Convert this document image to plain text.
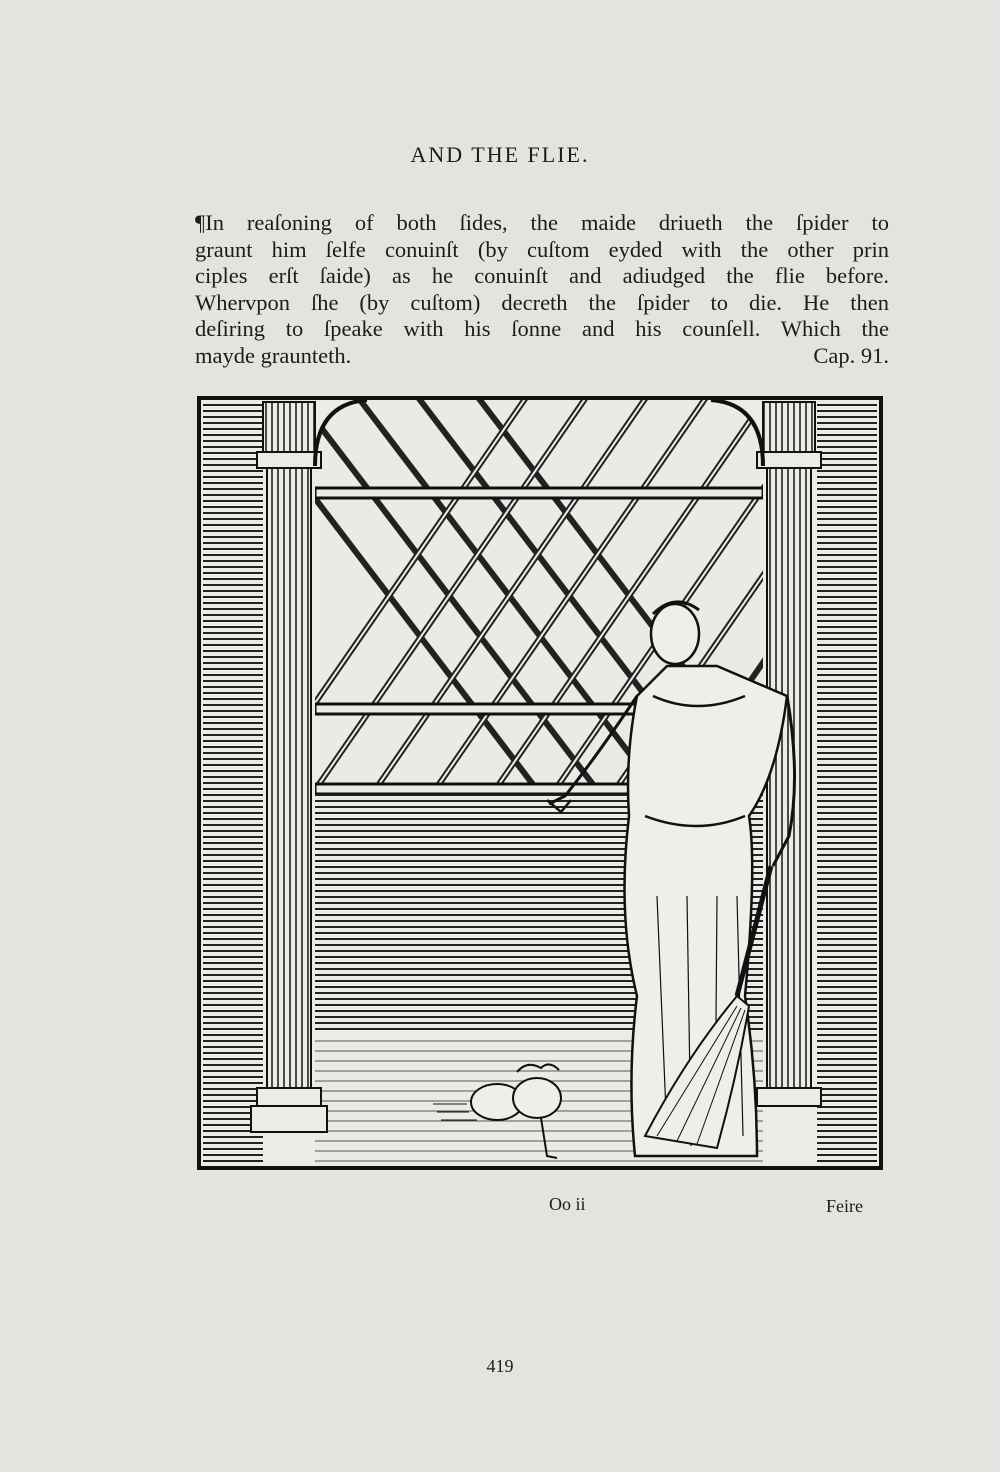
AND THE FLIE.
¶In reaſoning of both ſides, the maide driueth the ſpider to
graunt him ſelfe conuinſt (by cuſtom eyded with the other prin
ciples erſt ſaide) as he conuinſt and adiudged the flie before.
Whervpon ſhe (by cuſtom) decreth the ſpider to die. He then
deſiring to ſpeake with his ſonne and his counſell. Which the
mayde graunteth.	Cap. 91.
Oo ii	Feire
419
